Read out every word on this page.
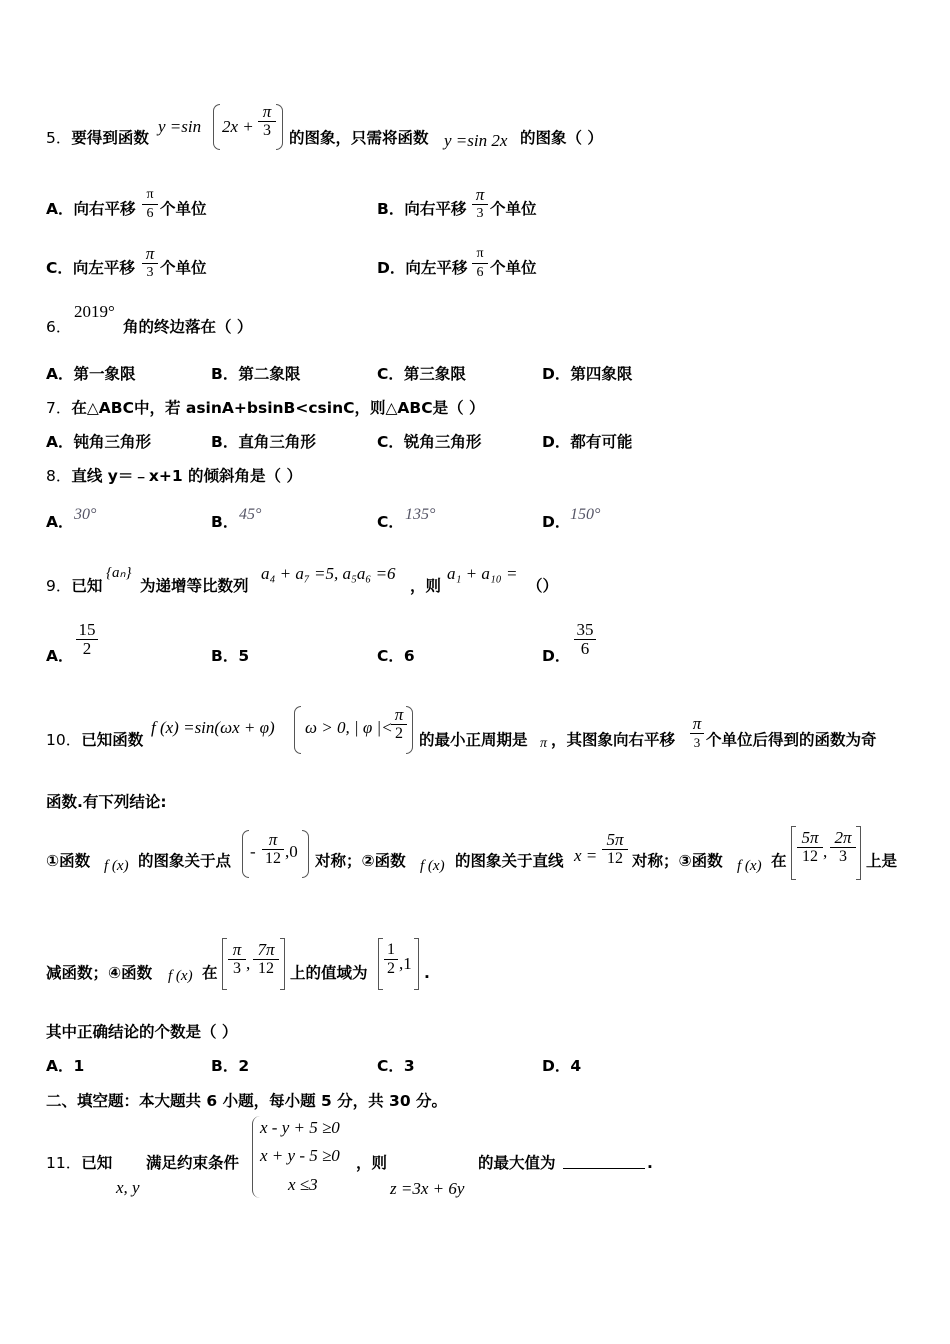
5．要得到函数
y =sin 2x +
π
3	的图象，只需将函数 y =sin 2x 的图象（ ）
A．向右平移
π
6 个单位	B．向右平移
π
3 个单位
C．向左平移
π
3 个单位	D．向左平移
π
6 个单位
6．
2019°
角的终边落在（ ）
A．第一象限	B．第二象限	C．第三象限	D．第四象限
7．在△ABC中，若 asinA+bsinB<csinC，则△ABC是（ ）
A．钝角三角形	B．直角三角形	C．锐角三角形	D．都有可能
8．直线 y＝﹣x+1 的倾斜角是（ ）
A． 30°	B． 45°	C． 135°	D． 150°
9．已知
{aₙ}
为递增等比数列
a₄ + a₇ =5, a₅a₆ =6
，则
a₁ + a₁₀ =
（）
A．
15
2	B．5	C．6	D．
35
6
10．已知函数
f (x) =sin(ωx + φ) ω > 0, | φ |<
π
2 的最小正周期是 π ，其图象向右平移
π
3 个单位后得到的函数为奇
函数.有下列结论:
①函数 f (x) 的图象关于点 -
π
12 ,0 对称；②函数 f (x) 的图象关于直线 x =
5π
12 对称；③函数 f (x) 在
5π
12 ,
2π
3	上是
减函数；④函数 f (x) 在
π
3 ,
7π
12	上的值域为
1
2 ,1 .
其中正确结论的个数是（ ）
A．1	B．2	C．3	D．4
二、填空题：本大题共 6 小题，每小题 5 分，共 30 分。
11．已知
x, y
满足约束条件
x - y + 5 ≥0
x + y - 5 ≥0
x ≤3
，则
z =3x + 6y
的最大值为	.
